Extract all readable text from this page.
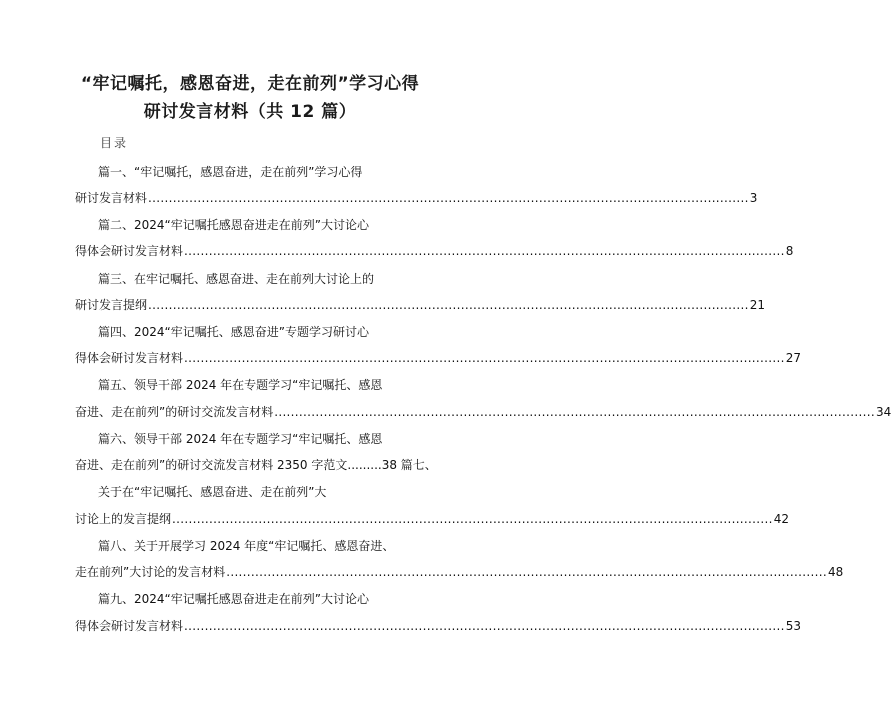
“牢记嘱托，感恩奋进，走在前列”学习心得
研讨发言材料（共 12 篇）
目录
篇一、“牢记嘱托，感恩奋进，走在前列”学习心得
研讨发言材料 .................................................................................................................................................. 3
篇二、2024“牢记嘱托感恩奋进走在前列”大讨论心
得体会研讨发言材料 .................................................................................................................................................. 8
篇三、在牢记嘱托、感恩奋进、走在前列大讨论上的
研讨发言提纲 .................................................................................................................................................. 21
篇四、2024“牢记嘱托、感恩奋进”专题学习研讨心
得体会研讨发言材料 .................................................................................................................................................. 27
篇五、领导干部 2024 年在专题学习“牢记嘱托、感恩
奋进、走在前列”的研讨交流发言材料 .................................................................................................................................................. 34
篇六、领导干部 2024 年在专题学习“牢记嘱托、感恩
奋进、走在前列”的研讨交流发言材料 2350 字范文.........38 篇七、
关于在“牢记嘱托、感恩奋进、走在前列”大
讨论上的发言提纲 .................................................................................................................................................. 42
篇八、关于开展学习 2024 年度“牢记嘱托、感恩奋进、
走在前列”大讨论的发言材料 .................................................................................................................................................. 48
篇九、2024“牢记嘱托感恩奋进走在前列”大讨论心
得体会研讨发言材料 .................................................................................................................................................. 53
